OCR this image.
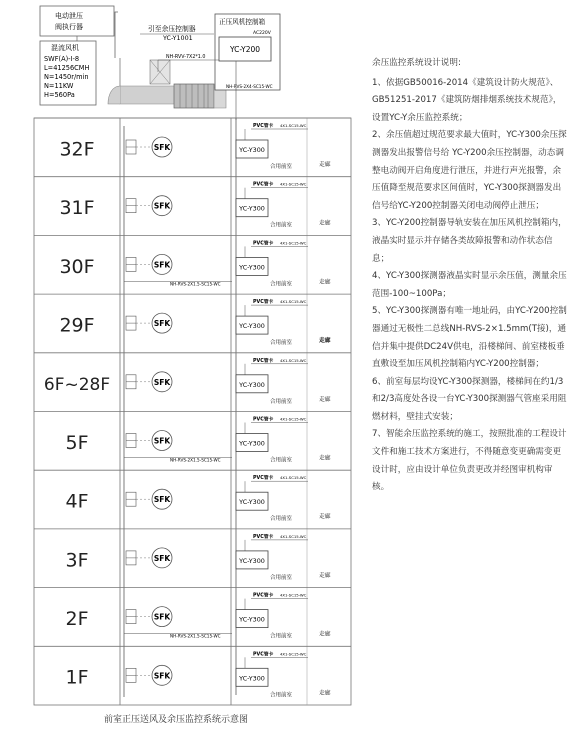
电动泄压
阀执行器
混流风机
SWF(A)-I-8
L=41256CMH
N=1450r/min
N=11KW
H=560Pa
引至余压控制器
YC-Y1001
正压风机控制箱
YC-Y200
AC220V
NH-RVV-7X2*1.0
NH-RVS-2X4-SC15-WC
32F	SFK
PVC管卡 4X1-SC15-WC
YC-Y300
合用前室	走廊
31F	SFK
PVC管卡 4X1-SC15-WC
YC-Y300
合用前室	走廊
30F	SFK
PVC管卡 4X1-SC15-WC
YC-Y300
合用前室	走廊
NH-RVS-2X1.5-SC15-WC
29F	SFK
PVC管卡 4X1-SC15-WC
YC-Y300
合用前室	走廊
6F~28F	SFK
PVC管卡 4X1-SC15-WC
YC-Y300
合用前室	走廊
5F	SFK
PVC管卡 4X1-SC15-WC
YC-Y300
合用前室	走廊
NH-RVS-2X1.5-SC15-WC
4F	SFK
PVC管卡 4X1-SC15-WC
YC-Y300
合用前室	走廊
3F	SFK
PVC管卡 4X1-SC15-WC
YC-Y300
合用前室	走廊
2F	SFK
PVC管卡 4X1-SC15-WC
YC-Y300
合用前室	走廊
NH-RVS-2X1.5-SC15-WC
1F	SFK
PVC管卡 4X1-SC15-WC
YC-Y300
合用前室	走廊

余压监控系统设计说明:

1、依据GB50016-2014《建筑设计防火规范》、GB51251-2017《建筑防烟排烟系统技术规范》，设置YC-Y余压监控系统；

2、余压值超过规范要求最大值时，YC-Y300余压探测器发出报警信号给 YC-Y200余压控制器，动态调整电动阀开启角度进行泄压，并进行声光报警，余压值降至规范要求区间值时，YC-Y300探测器发出信号给YC-Y200控制器关闭电动阀停止泄压；

3、YC-Y200控制器导轨安装在加压风机控制箱内，液晶实时显示并存储各类故障报警和动作状态信息；

4、YC-Y300探测器液晶实时显示余压值，测量余压范围-100~100Pa；

5、YC-Y300探测器有唯一地址码，由YC-Y200控制器通过无极性二总线NH-RVS-2×1.5mm(T接)，通信并集中提供DC24V供电，沿楼梯间、前室楼板垂直敷设至加压风机控制箱内YC-Y200控制器；

6、前室每层均设YC-Y300探测器，楼梯间在约1/3和2/3高度处各设一台YC-Y300探测器气管座采用阻燃材料，壁挂式安装；

7、智能余压监控系统的施工，按照批准的工程设计文件和施工技术方案进行，不得随意变更确需变更设计时，应由设计单位负责更改并经图审机构审核。

前室正压送风及余压监控系统示意图
